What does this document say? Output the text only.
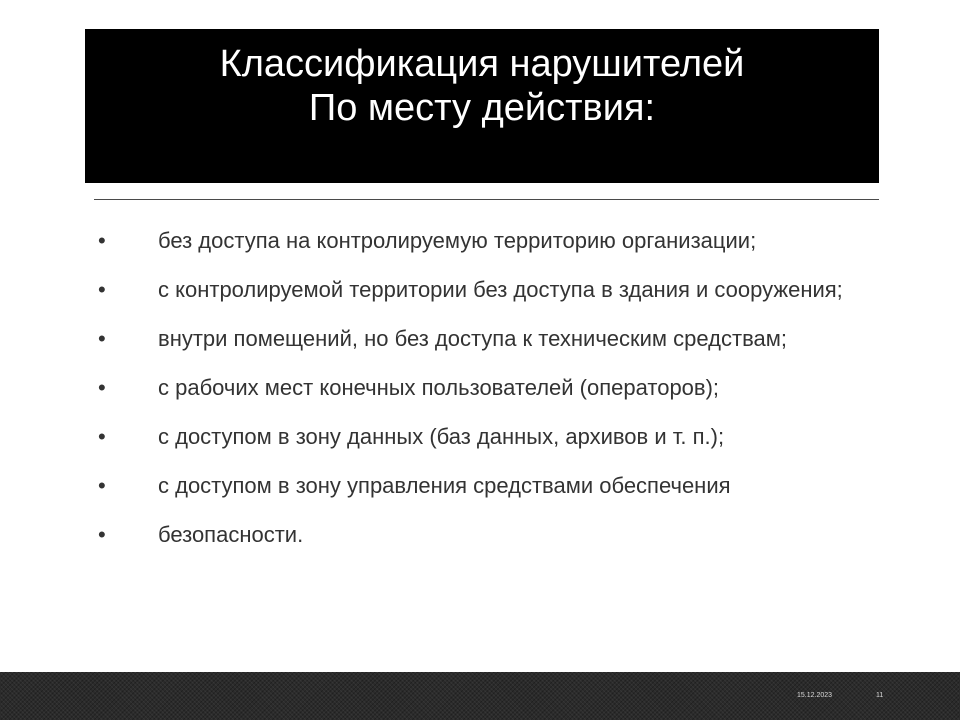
Классификация нарушителей
По месту действия:
• без доступа на контролируемую территорию организации;
• с контролируемой территории без доступа в здания и сооружения;
• внутри помещений, но без доступа к техническим средствам;
• с рабочих мест конечных пользователей (операторов);
• с доступом в зону данных (баз данных, архивов и т. п.);
• с доступом в зону управления средствами обеспечения
• безопасности.
15.12.2023	11
